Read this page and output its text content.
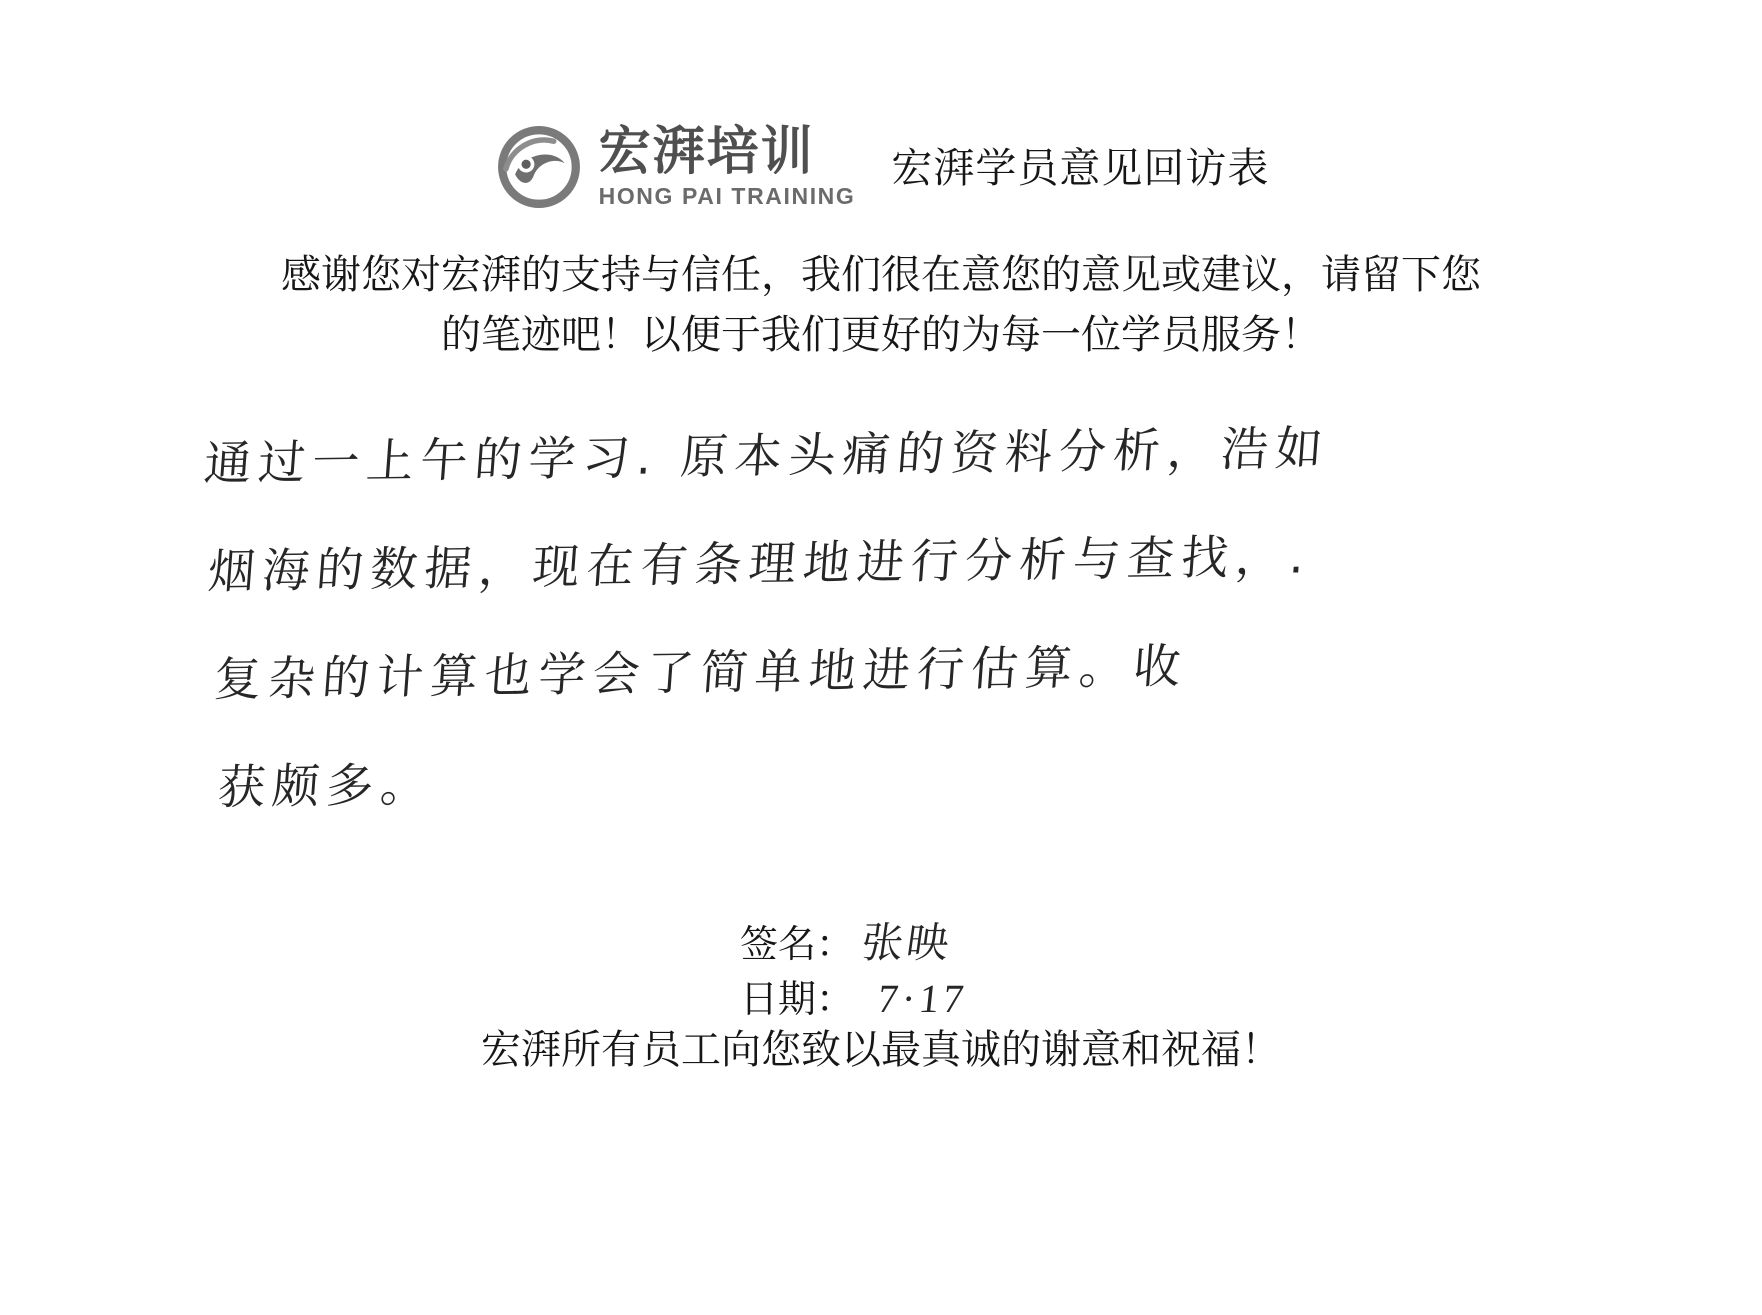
宏湃培训
HONG PAI TRAINING
宏湃学员意见回访表
感谢您对宏湃的支持与信任，我们很在意您的意见或建议，请留下您
的笔迹吧！以便于我们更好的为每一位学员服务！
通过一上午的学习. 原本头痛的资料分析，浩如
烟海的数据，现在有条理地进行分析与查找，.
复杂的计算也学会了简单地进行估算。收
获颇多。
签名： 张映
日期： 7·17
宏湃所有员工向您致以最真诚的谢意和祝福！
